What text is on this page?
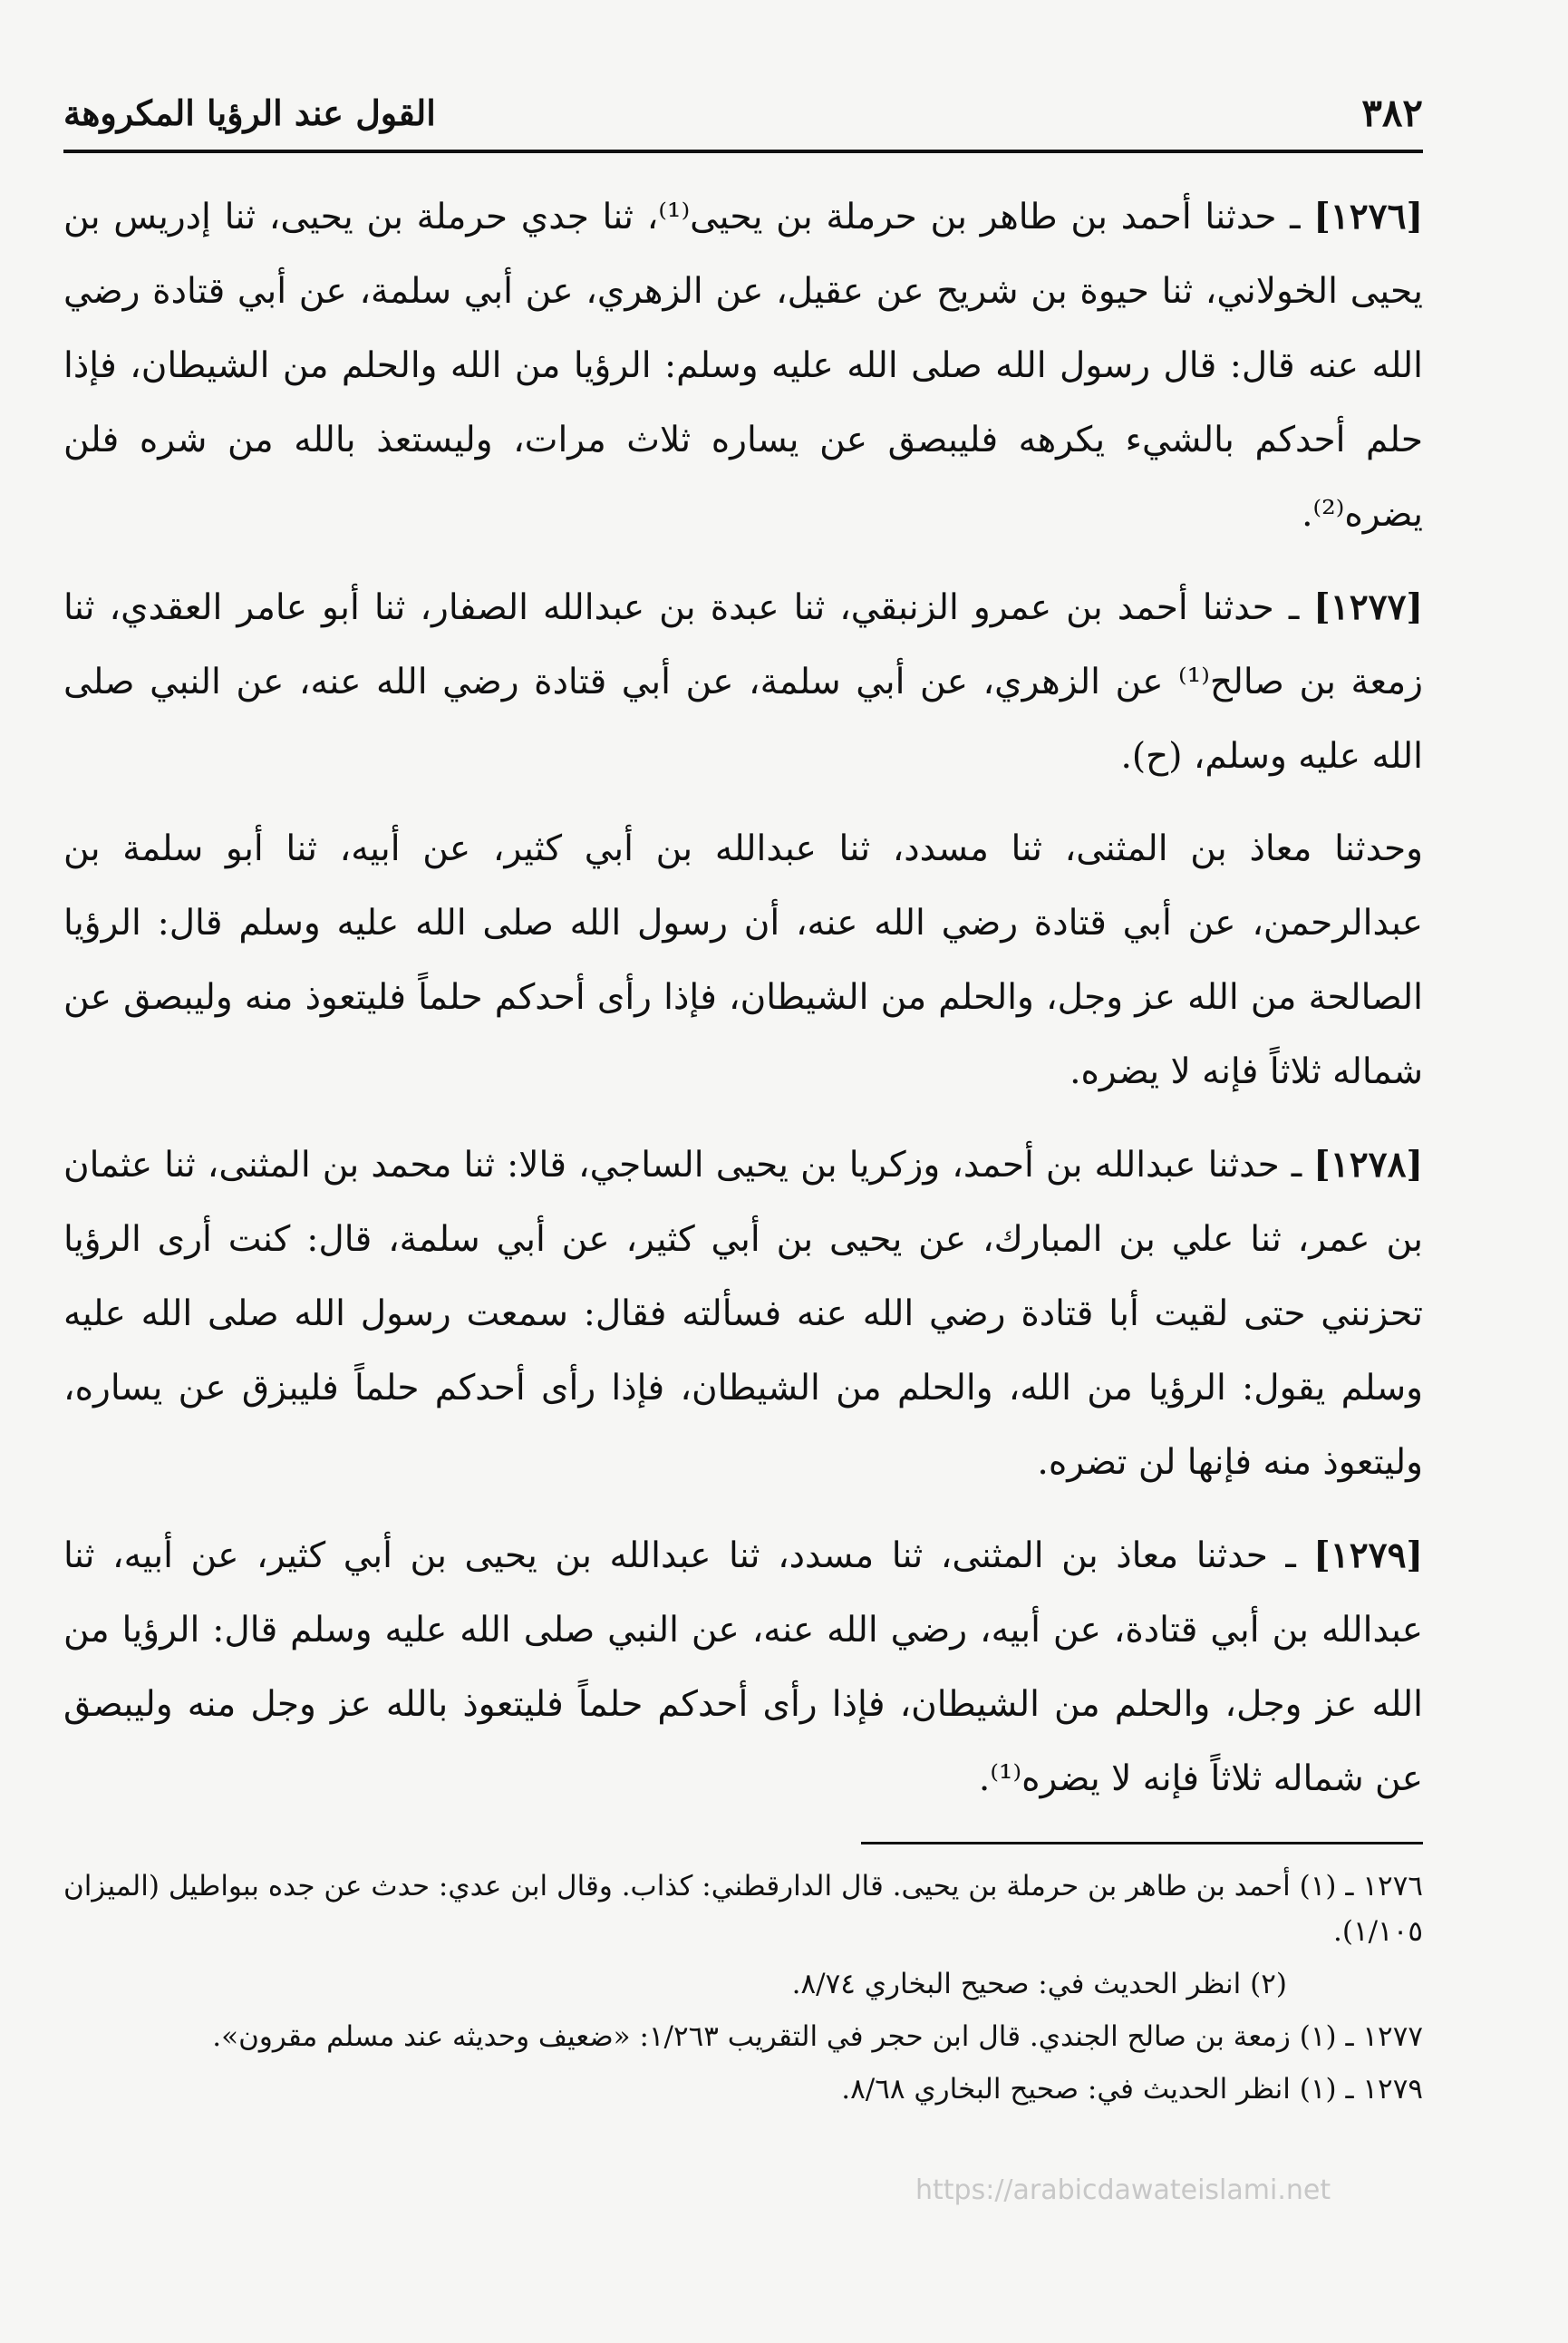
٣٨٢
القول عند الرؤيا المكروهة

[١٢٧٦] ـ حدثنا أحمد بن طاهر بن حرملة بن يحيى⁽¹⁾، ثنا جدي حرملة بن يحيى، ثنا إدريس بن يحيى الخولاني، ثنا حيوة بن شريح عن عقيل، عن الزهري، عن أبي سلمة، عن أبي قتادة رضي الله عنه قال: قال رسول الله صلى الله عليه وسلم: الرؤيا من الله والحلم من الشيطان، فإذا حلم أحدكم بالشيء يكرهه فليبصق عن يساره ثلاث مرات، وليستعذ بالله من شره فلن يضره⁽²⁾.

[١٢٧٧] ـ حدثنا أحمد بن عمرو الزنبقي، ثنا عبدة بن عبدالله الصفار، ثنا أبو عامر العقدي، ثنا زمعة بن صالح⁽¹⁾ عن الزهري، عن أبي سلمة، عن أبي قتادة رضي الله عنه، عن النبي صلى الله عليه وسلم، (ح).

وحدثنا معاذ بن المثنى، ثنا مسدد، ثنا عبدالله بن أبي كثير، عن أبيه، ثنا أبو سلمة بن عبدالرحمن، عن أبي قتادة رضي الله عنه، أن رسول الله صلى الله عليه وسلم قال: الرؤيا الصالحة من الله عز وجل، والحلم من الشيطان، فإذا رأى أحدكم حلماً فليتعوذ منه وليبصق عن شماله ثلاثاً فإنه لا يضره.

[١٢٧٨] ـ حدثنا عبدالله بن أحمد، وزكريا بن يحيى الساجي، قالا: ثنا محمد بن المثنى، ثنا عثمان بن عمر، ثنا علي بن المبارك، عن يحيى بن أبي كثير، عن أبي سلمة، قال: كنت أرى الرؤيا تحزنني حتى لقيت أبا قتادة رضي الله عنه فسألته فقال: سمعت رسول الله صلى الله عليه وسلم يقول: الرؤيا من الله، والحلم من الشيطان، فإذا رأى أحدكم حلماً فليبزق عن يساره، وليتعوذ منه فإنها لن تضره.

[١٢٧٩] ـ حدثنا معاذ بن المثنى، ثنا مسدد، ثنا عبدالله بن يحيى بن أبي كثير، عن أبيه، ثنا عبدالله بن أبي قتادة، عن أبيه، رضي الله عنه، عن النبي صلى الله عليه وسلم قال: الرؤيا من الله عز وجل، والحلم من الشيطان، فإذا رأى أحدكم حلماً فليتعوذ بالله عز وجل منه وليبصق عن شماله ثلاثاً فإنه لا يضره⁽¹⁾.

١٢٧٦ ـ (١) أحمد بن طاهر بن حرملة بن يحيى. قال الدارقطني: كذاب. وقال ابن عدي: حدث عن جده ببواطيل (الميزان ١/١٠٥).

(٢) انظر الحديث في: صحيح البخاري ٨/٧٤.

١٢٧٧ ـ (١) زمعة بن صالح الجندي. قال ابن حجر في التقريب ١/٢٦٣: «ضعيف وحديثه عند مسلم مقرون».

١٢٧٩ ـ (١) انظر الحديث في: صحيح البخاري ٨/٦٨.

https://arabicdawateislami.net
